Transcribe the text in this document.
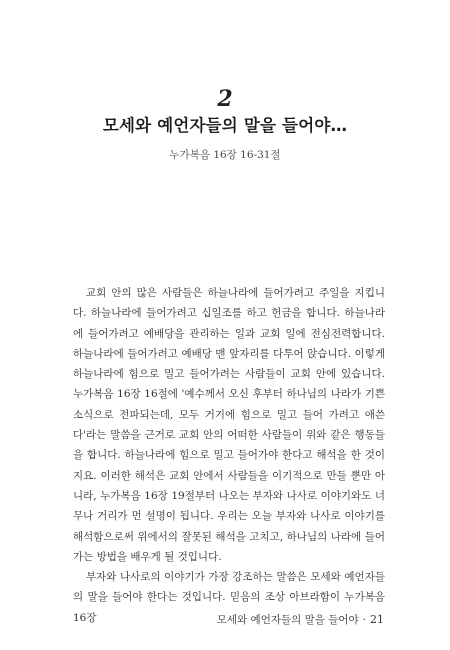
2
모세와 예언자들의 말을 들어야…
누가복음 16장 16-31절

교회 안의 많은 사람들은 하늘나라에 들어가려고 주일을 지킵니다. 하늘나라에 들어가려고 십일조를 하고 헌금을 합니다. 하늘나라에 들어가려고 예배당을 관리하는 일과 교회 일에 전심전력합니다. 하늘나라에 들어가려고 예배당 맨 앞자리를 다투어 앉습니다. 이렇게 하늘나라에 힘으로 밀고 들어가려는 사람들이 교회 안에 있습니다. 누가복음 16장 16절에 '예수께서 오신 후부터 하나님의 나라가 기쁜 소식으로 전파되는데, 모두 거기에 힘으로 밀고 들어 가려고 애쓴다'라는 말씀을 근거로 교회 안의 어떠한 사람들이 위와 같은 행동들을 합니다. 하늘나라에 힘으로 밀고 들어가야 한다고 해석을 한 것이지요. 이러한 해석은 교회 안에서 사람들을 이기적으로 만들 뿐만 아니라, 누가복음 16장 19절부터 나오는 부자와 나사로 이야기와도 너무나 거리가 먼 설명이 됩니다. 우리는 오늘 부자와 나사로 이야기를 해석함으로써 위에서의 잘못된 해석을 고치고, 하나님의 나라에 들어가는 방법을 배우게 될 것입니다.

부자와 나사로의 이야기가 가장 강조하는 말씀은 모세와 예언자들의 말을 들어야 한다는 것입니다. 믿음의 조상 아브라함이 누가복음 16장	모세와 예언자들의 말을 들어야 · 21
